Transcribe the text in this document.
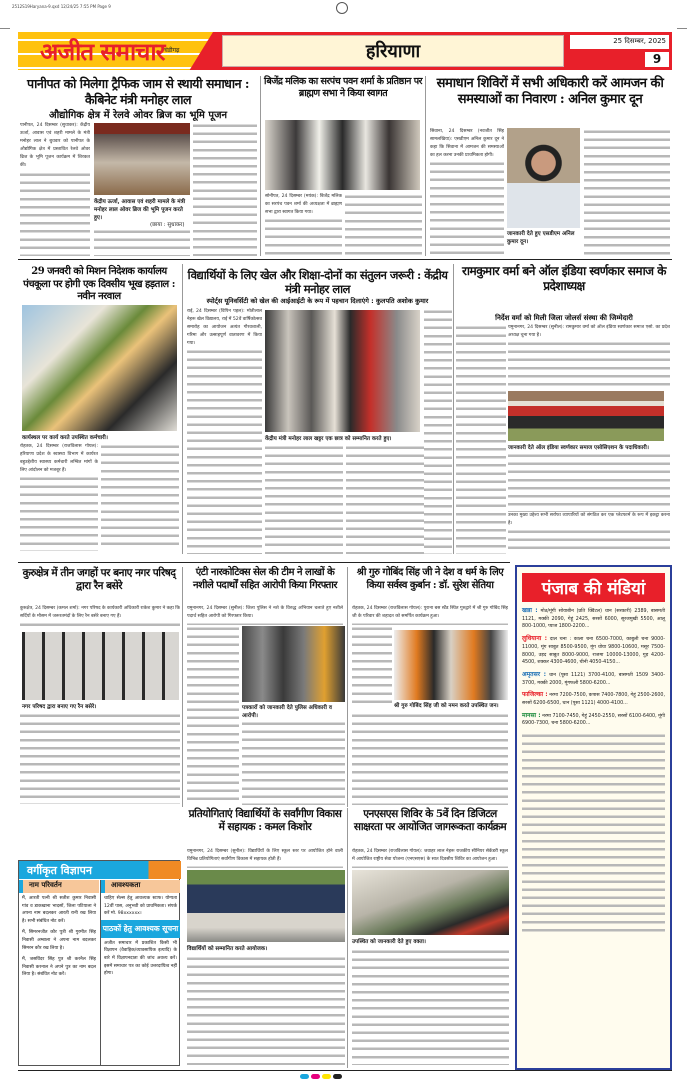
2512S19Haryana-9.qxd 12/24/25 7:55 PM Page 9
अजीत समाचार चंडीगढ़	हरियाणा	25 दिसम्बर, 2025
9
पानीपत को मिलेगा ट्रैफिक जाम से स्थायी समाधान : कैबिनेट मंत्री मनोहर लाल
औद्योगिक क्षेत्र में रेलवे ओवर ब्रिज का भूमि पूजन
पानीपत, 24 दिसम्बर (सुधाकर): केंद्रीय ऊर्जा, आवास एवं शहरी मामले के मंत्री मनोहर लाल ने बुधवार को पानीपत के औद्योगिक क्षेत्र में प्रस्तावित रेलवे ओवर ब्रिज के भूमि पूजन कार्यक्रम में शिरकत की।
केंद्रीय ऊर्जा, आवास एवं शहरी मामले के मंत्री मनोहर लाल ओवर ब्रिज की भूमि पूजन करते हुए।
(छाया : सुधाकर)
बिजेंद्र मलिक का सरपंच पवन शर्मा के प्रतिष्ठान पर ब्राह्मण सभा ने किया स्वागत
सोनीपत, 24 दिसम्बर (मयंक): बिजेंद्र मलिक का सरपंच पवन शर्मा की अध्यक्षता में ब्राह्मण सभा द्वारा स्वागत किया गया।
समाधान शिविरों में सभी अधिकारी करें आमजन की समस्याओं का निवारण : अनिल कुमार दून
सिवाना, 24 दिसम्बर (नवजीत सिंह सामलखिया): एसडीएम अनिल कुमार दून ने कहा कि सिवाना में आमजन की समस्याओं का हल करना उनकी प्राथमिकता होगी।
जानकारी देते हुए एसडीएम अनिल कुमार दून।
29 जनवरी को मिशन निदेशक कार्यालय पंचकूला पर होगी एक दिवसीय भूख हड़ताल : नवीन नरवाल
कार्यस्थल पर कार्य करते उपस्थित कर्मचारी।
रोहतक, 24 दिसम्बर (राजविलास गोयल): हरियाणा प्रदेश के स्वास्थ्य विभाग में कार्यरत बहुउद्देशीय स्वास्थ्य कर्मचारी लम्बित मांगों के लिए आंदोलन को मजबूर हैं।
विद्यार्थियों के लिए खेल और शिक्षा-दोनों का संतुलन जरूरी : केंद्रीय मंत्री मनोहर लाल
स्पोर्ट्स यूनिवर्सिटी को खेल की आईआईटी के रूप में पहचान दिलाएंगे : कुलपति अशोक कुमार
राई, 24 दिसम्बर (विपिन पहल): मोतीलाल नेहरू खेल विद्यालय, राई में 52वें वार्षिकोत्सव समारोह का आयोजन अत्यंत गौरवशाली, गरिमा और उत्साहपूर्ण वातावरण में किया गया।
केंद्रीय मंत्री मनोहर लाल खट्टर एक छात्र को सम्मानित करते हुए।
रामकुमार वर्मा बने ऑल इंडिया स्वर्णकार समाज के प्रदेशाध्यक्ष
निर्देश वर्मा को मिली जिला जोलर्स संस्था की जिम्मेदारी
यमुनानगर, 24 दिसम्बर (सुनील): रामकुमार वर्मा को ऑल इंडिया स्वर्णकार समाज एसो. का प्रदेश अध्यक्ष चुना गया है।
जानकारी देते ऑल इंडिया स्वर्णकार समाज एसोसिएशन के पदाधिकारी।
उनका मुख्य उद्देश्य सभी सर्राफा व्यापारियों को संगठित कर एक प्लेटफार्म के रूप में इकट्ठा करना है।
कुरुक्षेत्र में तीन जगहों पर बनाए नगर परिषद् द्वारा रैन बसेरे
कुरुक्षेत्र, 24 दिसम्बर (कमल शर्मा): नगर परिषद के कार्यकारी अधिकारी राकेश कुमार ने कहा कि सर्दियों के मौसम में जरूरतमंदों के लिए रैन बसेरे बनाए गए हैं।
नगर परिषद द्वारा बनाए गए रैन बसेरे।
एंटी नारकोटिक्स सेल की टीम ने लाखों के नशीले पदार्थों सहित आरोपी किया गिरफ्तार
यमुनानगर, 24 दिसम्बर (सुनील): जिला पुलिस ने नशे के विरुद्ध अभियान चलाते हुए नशीले पदार्थ सहित आरोपी को गिरफ्तार किया।
पत्रकारों को जानकारी देते पुलिस अधिकारी व आरोपी।
श्री गुरु गोबिंद सिंह जी ने देश व धर्म के लिए किया सर्वस्व कुर्बान : डॉ. सुरेश सेतिया
रोहतक, 24 दिसम्बर (राजविलास गोयल): पुराना बस स्टैंड स्थित गुरुद्वारे में श्री गुरु गोबिंद सिंह जी के परिवार की शहादत को समर्पित कार्यक्रम हुआ।
श्री गुरु गोबिंद सिंह जी को नमन करते उपस्थित जन।
पंजाब की मंडियां
खन्ना : मोठ/मूंगी सोयाबीन (प्रति क्विंटल) धान (सरकारी) 2389, बासमती 1121, मक्की 2090, गेहूं 2425, सरसों 6000, सूरजमुखी 5500, आलू 800-1000, प्याज 1800-2200...
लुधियाना : दाल चना : काला चना 6500-7000, काबुली चना 9000-11000, मूंग साबुत 8500-9500, मूंग धोया 9800-10600, मसूर 7500-8000, उड़द साबुत 8000-9000, राजमा 10000-13000, गुड़ 4200-4500, शक्कर 4300-4600, चीनी 4050-4150...
अमृतसर : धान (पूसा 1121) 3700-4100, बासमती 1509 3400-3700, मक्की 2000, मूंगफली 5800-6200...
फाजिल्का : नरमा 7200-7500, कपास 7400-7800, गेहूं 2500-2600, सरसों 6200-6500, धान (पूसा 1121) 4000-4100...
मानसा : नरमा 7100-7450, गेहूं 2450-2550, सरसों 6100-6400, मूंगी 6900-7300, चना 5800-6200...
वर्गीकृत विज्ञापन
नाम परिवर्तन
मैं, आरती पत्नी श्री सतीश कुमार निवासी गांव व डाकखाना भादसों, जिला पटियाला ने अपना नाम बदलकर आरती रानी रख लिया है। सभी संबंधित नोट करें।
मैं, सिमरनजीत कौर पुत्री श्री गुरमीत सिंह निवासी अम्बाला ने अपना नाम बदलकर सिमरन कौर रख लिया है।
मैं, जसविंदर सिंह पुत्र श्री करनैल सिंह निवासी करनाल ने अपने पुत्र का नाम बदल लिया है। संबंधित नोट करें।
आवश्यकता
चाहिए सेल्स हेतु आवश्यक स्टाफ। योग्यता 12वीं पास, अनुभवी को प्राथमिकता। संपर्क करें मो. 98xxxxxx।
पाठकों हेतु आवश्यक सूचना
अजीत समाचार में प्रकाशित किसी भी विज्ञापन (वैवाहिक/व्यावसायिक इत्यादि) के बारे में विज्ञापनदाता की जांच अवश्य करें। इसमें समाचार पत्र का कोई उत्तरदायित्व नहीं होगा।
प्रतियोगिताएं विद्यार्थियों के सर्वांगीण विकास में सहायक : कमल किशोर
यमुनानगर, 24 दिसम्बर (सुनील): विद्यार्थियों के लिए स्कूल स्तर पर आयोजित होने वाली विभिन्न प्रतियोगिताएं सर्वांगीण विकास में सहायक होती हैं।
विद्यार्थियों को सम्मानित करते आयोजक।
एनएसएस शिविर के 5वें दिन डिजिटल साक्षरता पर आयोजित जागरूकता कार्यक्रम
रोहतक, 24 दिसम्बर (राजविलास गोयल): जवाहर लाल नेहरू राजकीय सीनियर सेकेंडरी स्कूल में आयोजित राष्ट्रीय सेवा योजना (एनएसएस) के सात दिवसीय शिविर का आयोजन हुआ।
उपस्थित को जानकारी देते हुए वक्ता।
